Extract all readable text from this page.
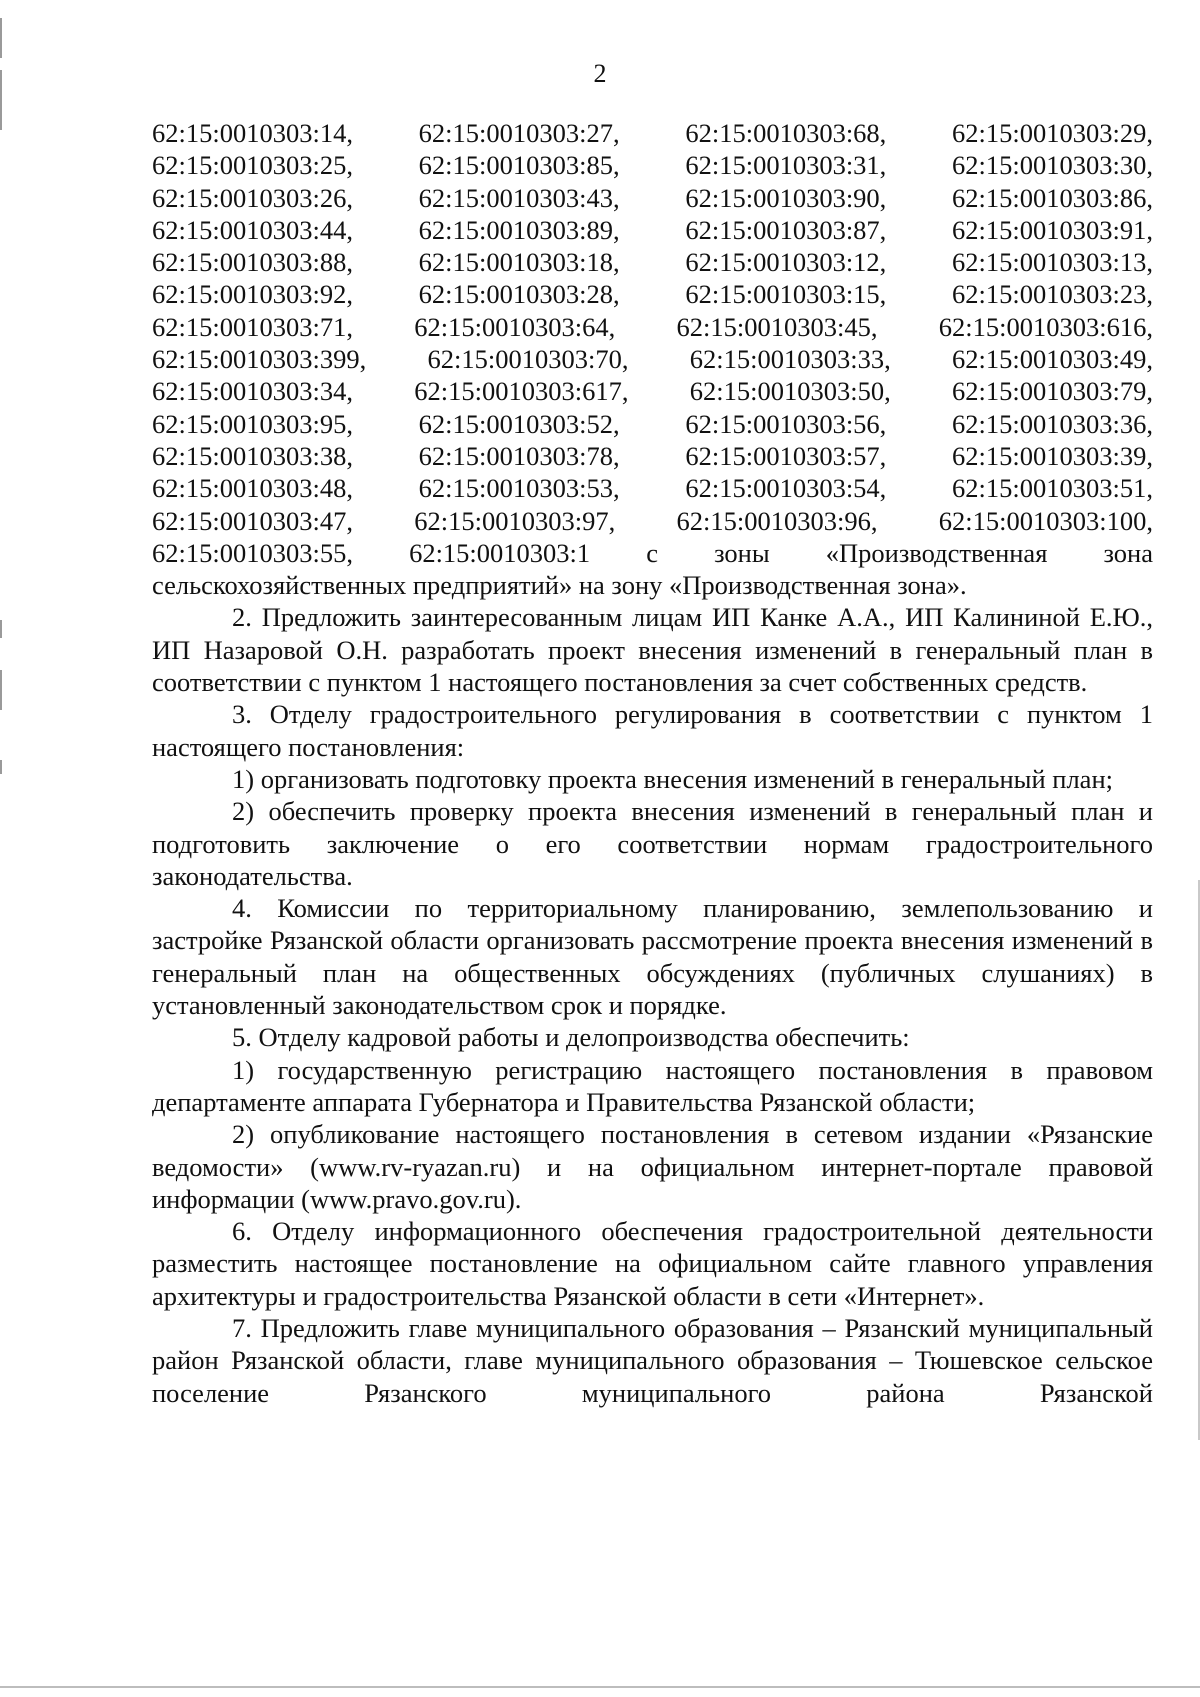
2
62:15:0010303:14, 62:15:0010303:27, 62:15:0010303:68, 62:15:0010303:29,
62:15:0010303:25, 62:15:0010303:85, 62:15:0010303:31, 62:15:0010303:30,
62:15:0010303:26, 62:15:0010303:43, 62:15:0010303:90, 62:15:0010303:86,
62:15:0010303:44, 62:15:0010303:89, 62:15:0010303:87, 62:15:0010303:91,
62:15:0010303:88, 62:15:0010303:18, 62:15:0010303:12, 62:15:0010303:13,
62:15:0010303:92, 62:15:0010303:28, 62:15:0010303:15, 62:15:0010303:23,
62:15:0010303:71, 62:15:0010303:64, 62:15:0010303:45, 62:15:0010303:616,
62:15:0010303:399, 62:15:0010303:70, 62:15:0010303:33, 62:15:0010303:49,
62:15:0010303:34, 62:15:0010303:617, 62:15:0010303:50, 62:15:0010303:79,
62:15:0010303:95, 62:15:0010303:52, 62:15:0010303:56, 62:15:0010303:36,
62:15:0010303:38, 62:15:0010303:78, 62:15:0010303:57, 62:15:0010303:39,
62:15:0010303:48, 62:15:0010303:53, 62:15:0010303:54, 62:15:0010303:51,
62:15:0010303:47, 62:15:0010303:97, 62:15:0010303:96, 62:15:0010303:100,
62:15:0010303:55, 62:15:0010303:1 с зоны «Производственная зона
сельскохозяйственных предприятий» на зону «Производственная зона».
2. Предложить заинтересованным лицам ИП Канке А.А., ИП Калининой Е.Ю., ИП Назаровой О.Н. разработать проект внесения изменений в генеральный план в соответствии с пунктом 1 настоящего постановления за счет собственных средств.
3. Отделу градостроительного регулирования в соответствии с пунктом 1 настоящего постановления:
1) организовать подготовку проекта внесения изменений в генеральный план;
2) обеспечить проверку проекта внесения изменений в генеральный план и подготовить заключение о его соответствии нормам градостроительного законодательства.
4. Комиссии по территориальному планированию, землепользованию и застройке Рязанской области организовать рассмотрение проекта внесения изменений в генеральный план на общественных обсуждениях (публичных слушаниях) в установленный законодательством срок и порядке.
5. Отделу кадровой работы и делопроизводства обеспечить:
1) государственную регистрацию настоящего постановления в правовом департаменте аппарата Губернатора и Правительства Рязанской области;
2) опубликование настоящего постановления в сетевом издании «Рязанские ведомости» (www.rv-ryazan.ru) и на официальном интернет-портале правовой информации (www.pravo.gov.ru).
6. Отделу информационного обеспечения градостроительной деятельности разместить настоящее постановление на официальном сайте главного управления архитектуры и градостроительства Рязанской области в сети «Интернет».
7. Предложить главе муниципального образования – Рязанский муниципальный район Рязанской области, главе муниципального образования – Тюшевское сельское поселение Рязанского муниципального района Рязанской
